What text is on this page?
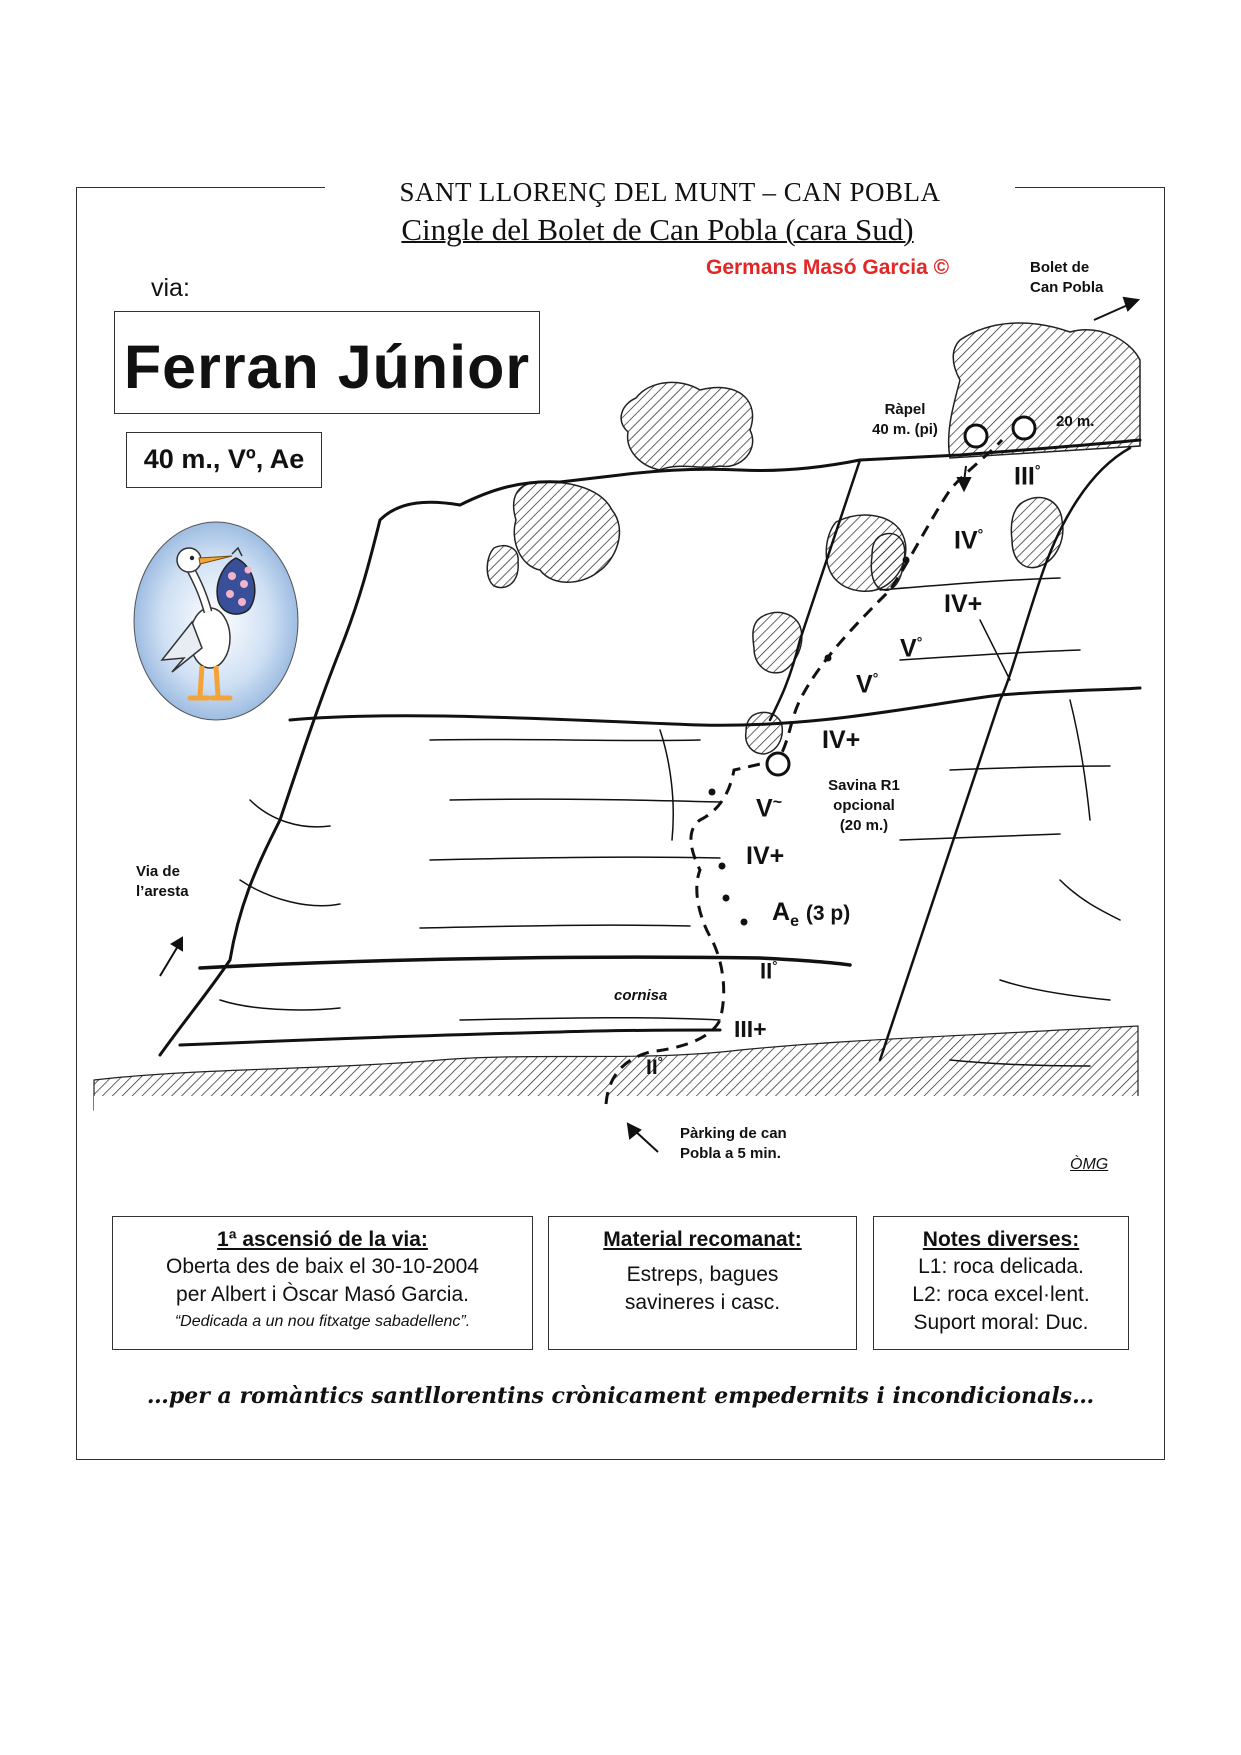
SANT LLORENÇ DEL MUNT – CAN POBLA
Cingle del Bolet de Can Pobla (cara Sud)
Germans Masó Garcia ©
via:
Ferran Júnior
40 m., Vº, Ae
Bolet de
Can Pobla
Ràpel
40 m. (pi)	20 m.
Savina R1
opcional
(20 m.)
Via de
l’aresta
cornisa
Pàrking de can
Pobla a 5 min.
ÒMG
III°
IV°
IV+
V°
V°
IV+
V~
IV+
$A_e$ (3 p)
II°
III+
II°
1ª ascensió de la via:
Oberta des de baix el 30-10-2004
per Albert i Òscar Masó Garcia.
“Dedicada a un nou fitxatge sabadellenc”.
Material recomanat:
Estreps, bagues
savineres i casc.
Notes diverses:
L1: roca delicada.
L2: roca excel·lent.
Suport moral: Duc.
…per a romàntics santllorentins crònicament empedernits i incondicionals…
